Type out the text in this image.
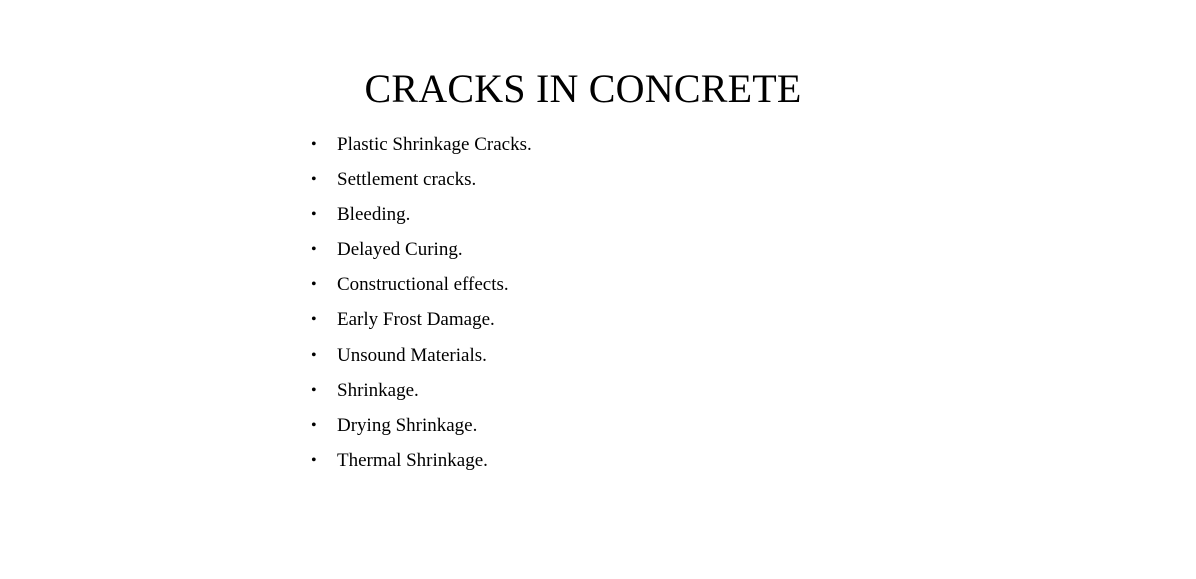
CRACKS IN CONCRETE
• Plastic Shrinkage Cracks.
• Settlement cracks.
• Bleeding.
• Delayed Curing.
• Constructional effects.
• Early Frost Damage.
• Unsound Materials.
• Shrinkage.
• Drying Shrinkage.
• Thermal Shrinkage.
